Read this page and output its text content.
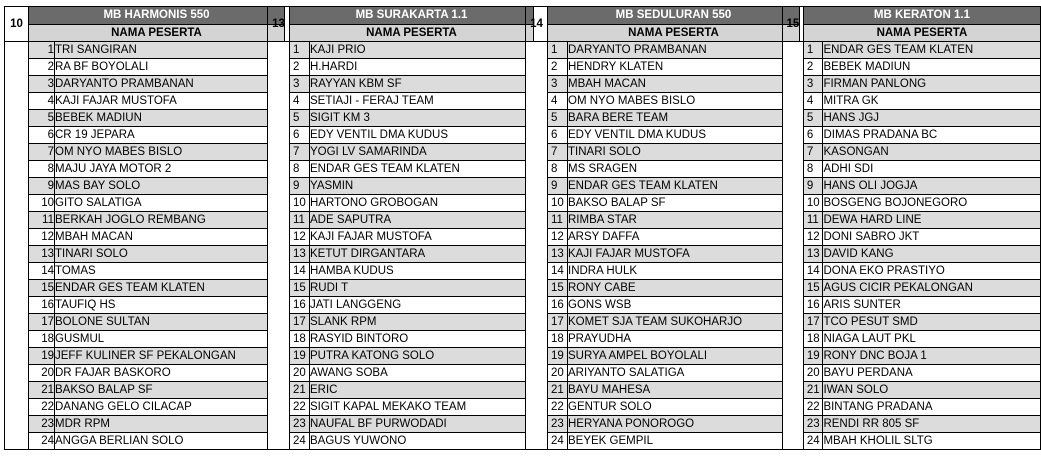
10	MB HARMONIS 550	
	NAMA PESERTA	
	1	TRI SANGIRAN
	2	RA BF BOYOLALI
	3	DARYANTO PRAMBANAN
	4	KAJI FAJAR MUSTOFA
	5	BEBEK MADIUN
	6	CR 19 JEPARA
	7	OM NYO MABES BISLO
	8	MAJU JAYA MOTOR 2
	9	MAS BAY SOLO
	10	GITO SALATIGA
	11	BERKAH JOGLO REMBANG
	12	MBAH MACAN
	13	TINARI SOLO
	14	TOMAS
	15	ENDAR GES TEAM KLATEN
	16	TAUFIQ HS
	17	BOLONE SULTAN
	18	GUSMUL
	19	JEFF KULINER SF PEKALONGAN
	20	DR FAJAR BASKORO
	21	BAKSO BALAP SF
	22	DANANG GELO CILACAP
	23	MDR RPM
	24	ANGGA BERLIAN SOLO
13	MB SURAKARTA 1.1	
	NAMA PESERTA	
	1	KAJI PRIO
	2	H.HARDI
	3	RAYYAN KBM SF
	4	SETIAJI - FERAJ TEAM
	5	SIGIT KM 3
	6	EDY VENTIL DMA KUDUS
	7	YOGI LV SAMARINDA
	8	ENDAR GES TEAM KLATEN
	9	YASMIN
	10	HARTONO GROBOGAN
	11	ADE SAPUTRA
	12	KAJI FAJAR MUSTOFA
	13	KETUT DIRGANTARA
	14	HAMBA KUDUS
	15	RUDI T
	16	JATI LANGGENG
	17	SLANK RPM
	18	RASYID BINTORO
	19	PUTRA KATONG SOLO
	20	AWANG SOBA
	21	ERIC
	22	SIGIT KAPAL MEKAKO TEAM
	23	NAUFAL BF PURWODADI
	24	BAGUS YUWONO
14	MB SEDULURAN 550	
	NAMA PESERTA	
	1	DARYANTO PRAMBANAN
	2	HENDRY KLATEN
	3	MBAH MACAN
	4	OM NYO MABES BISLO
	5	BARA BERE TEAM
	6	EDY VENTIL DMA KUDUS
	7	TINARI SOLO
	8	MS SRAGEN
	9	ENDAR GES TEAM KLATEN
	10	BAKSO BALAP SF
	11	RIMBA STAR
	12	ARSY DAFFA
	13	KAJI FAJAR MUSTOFA
	14	INDRA HULK
	15	RONY CABE
	16	GONS WSB
	17	KOMET SJA TEAM SUKOHARJO
	18	PRAYUDHA
	19	SURYA AMPEL BOYOLALI
	20	ARIYANTO SALATIGA
	21	BAYU MAHESA
	22	GENTUR SOLO
	23	HERYANA PONOROGO
	24	BEYEK GEMPIL
15	MB KERATON 1.1	
	NAMA PESERTA	
	1	ENDAR GES TEAM KLATEN
	2	BEBEK MADIUN
	3	FIRMAN PANLONG
	4	MITRA GK
	5	HANS JGJ
	6	DIMAS PRADANA BC
	7	KASONGAN
	8	ADHI SDI
	9	HANS OLI JOGJA
	10	BOSGENG BOJONEGORO
	11	DEWA HARD LINE
	12	DONI SABRO JKT
	13	DAVID KANG
	14	DONA EKO PRASTIYO
	15	AGUS CICIR PEKALONGAN
	16	ARIS SUNTER
	17	TCO PESUT SMD
	18	NIAGA LAUT PKL
	19	RONY DNC BOJA 1
	20	BAYU PERDANA
	21	IWAN SOLO
	22	BINTANG PRADANA
	23	RENDI RR 805 SF
	24	MBAH KHOLIL SLTG
